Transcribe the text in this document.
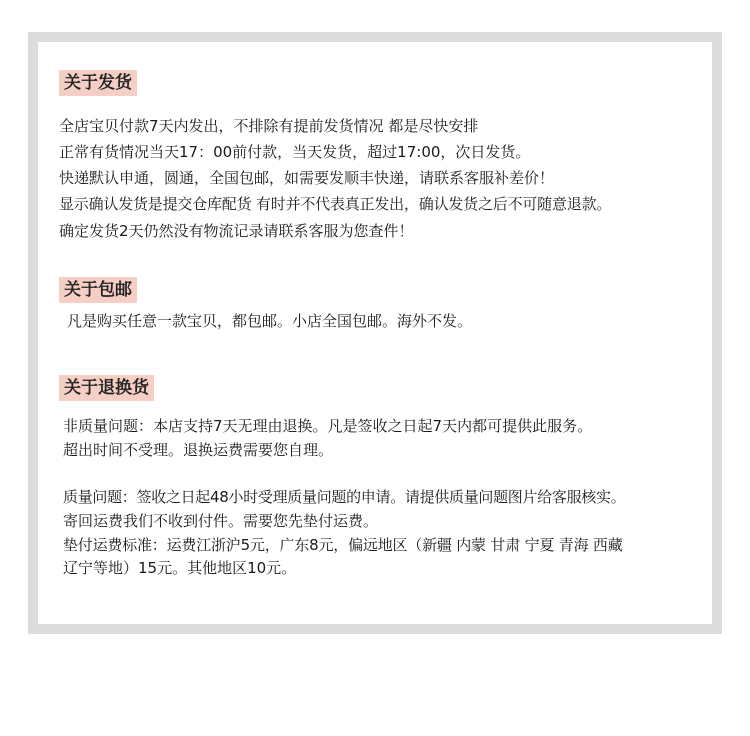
关于发货
全店宝贝付款7天内发出，不排除有提前发货情况 都是尽快安排
正常有货情况当天17：00前付款，当天发货，超过17:00，次日发货。
快递默认申通，圆通，全国包邮，如需要发顺丰快递，请联系客服补差价！
显示确认发货是提交仓库配货 有时并不代表真正发出，确认发货之后不可随意退款。
确定发货2天仍然没有物流记录请联系客服为您查件！
关于包邮
凡是购买任意一款宝贝，都包邮。小店全国包邮。海外不发。
关于退换货
非质量问题：本店支持7天无理由退换。凡是签收之日起7天内都可提供此服务。
超出时间不受理。退换运费需要您自理。
质量问题：签收之日起48小时受理质量问题的申请。请提供质量问题图片给客服核实。
寄回运费我们不收到付件。需要您先垫付运费。
垫付运费标准：运费江浙沪5元，广东8元，偏远地区（新疆 内蒙 甘肃 宁夏 青海 西藏
辽宁等地）15元。其他地区10元。
